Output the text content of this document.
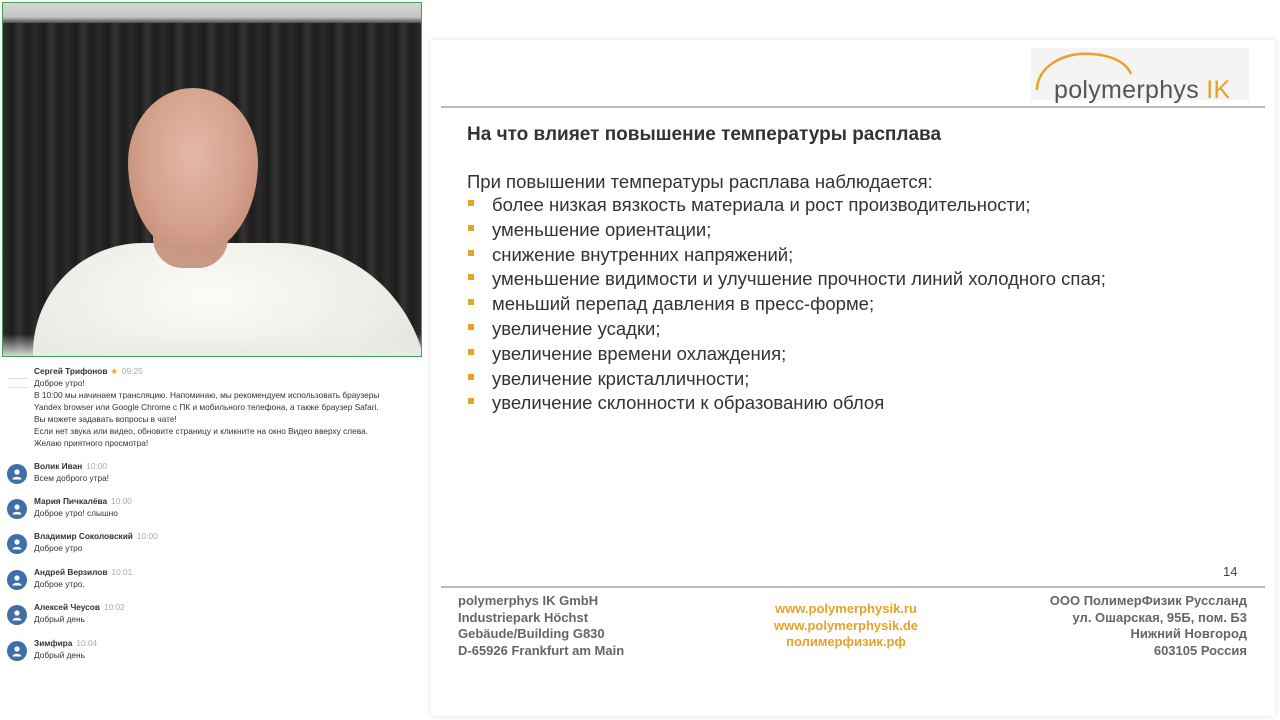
Сергей Трифонов ★ 09:25
Доброе утро!
В 10:00 мы начинаем трансляцию. Напоминаю, мы рекомендуем использовать браузеры
Yandex browser или Google Chrome с ПК и мобильного телефона, а также браузер Safari.
Вы можете задавать вопросы в чате!
Если нет звука или видео, обновите страницу и кликните на окно Видео вверху слева.
Желаю приятного просмотра!
Волик Иван 10:00
Всем доброго утра!
Мария Пичкалёва 10:00
Доброе утро! слышно
Владимир Соколовский 10:00
Доброе утро
Андрей Верзилов 10:01
Доброе утро.
Алексей Чеусов 10:02
Добрый день
Зимфира 10:04
Добрый день
polymerphys IK
На что влияет повышение температуры расплава
При повышении температуры расплава наблюдается:
более низкая вязкость материала и рост производительности;
уменьшение ориентации;
снижение внутренних напряжений;
уменьшение видимости и улучшение прочности линий холодного спая;
меньший перепад давления в пресс-форме;
увеличение усадки;
увеличение времени охлаждения;
увеличение кристалличности;
увеличение склонности к образованию облоя
14
polymerphys IK GmbH
Industriepark Höchst
Gebäude/Building G830
D-65926 Frankfurt am Main
www.polymerphysik.ru
www.polymerphysik.de
полимерфизик.рф
ООО ПолимерФизик Руссланд
ул. Ошарская, 95Б, пом. Б3
Нижний Новгород
603105 Россия
